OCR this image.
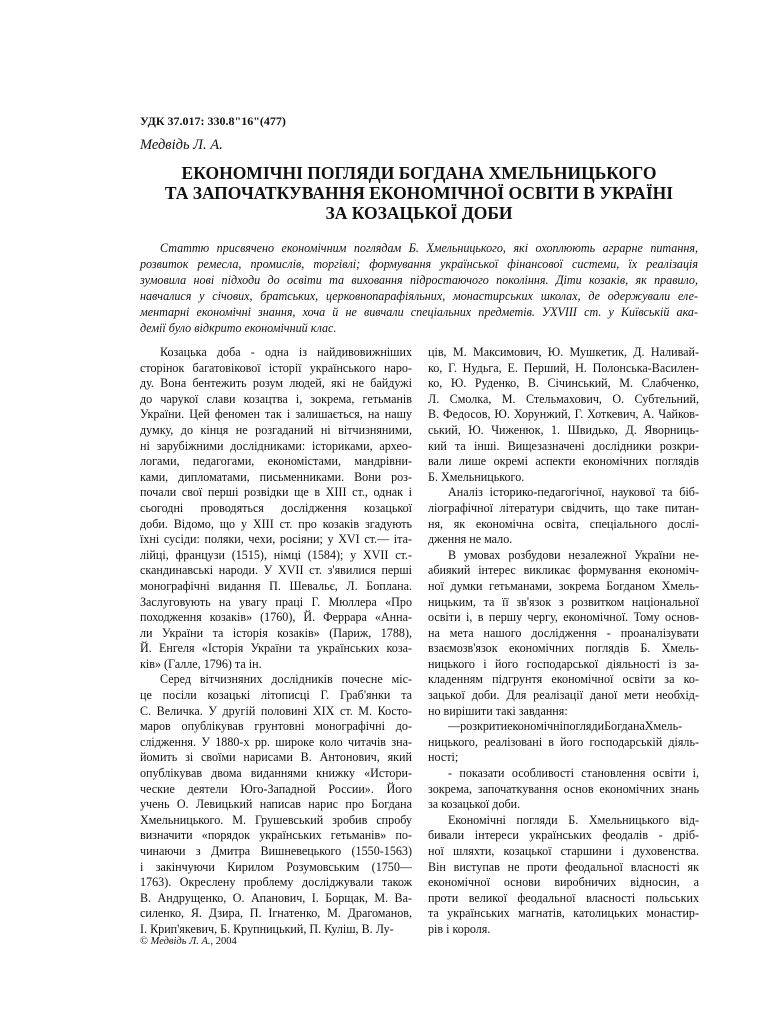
УДК 37.017: 330.8"16"(477)
Медвідь Л. А.
ЕКОНОМІЧНІ ПОГЛЯДИ БОГДАНА ХМЕЛЬНИЦЬКОГО
ТА ЗАПОЧАТКУВАННЯ ЕКОНОМІЧНОЇ ОСВІТИ В УКРАЇНІ
ЗА КОЗАЦЬКОЇ ДОБИ
Статтю присвячено економічним поглядам Б. Хмельницького, які охоплюють аграрне питання,
розвиток ремесла, промислів, торгівлі; формування української фінансової системи, їх реалізація
зумовила нові підходи до освіти та виховання підростаючого покоління. Діти козаків, як правило,
навчалися у січових, братських, церковнопарафіяльних, монастирських школах, де одержували еле-
ментарні економічні знання, хоча й не вивчали спеціальних предметів. УXVIII ст. у Київській ака-
демії було відкрито економічний клас.
Козацька доба - одна із найдивовижніших
сторінок багатовікової історії українського наро-
ду. Вона бентежить розум людей, які не байдужі
до чарукої слави козацтва і, зокрема, гетьманів
України. Цей феномен так і залишається, на нашу
думку, до кінця не розгаданий ні вітчизняними,
ні зарубіжними дослідниками: істориками, архео-
логами, педагогами, економістами, мандрівни-
ками, дипломатами, письменниками. Вони роз-
почали свої перші розвідки ще в XIII ст., однак і
сьогодні проводяться дослідження козацької
доби. Відомо, що у XIII ст. про козаків згадують
їхні сусіди: поляки, чехи, росіяни; у XVI ст.— іта-
лійці, французи (1515), німці (1584); у XVII ст.-
скандинавські народи. У XVII ст. з'явилися перші
монографічні видання П. Шевальє, Л. Боплана.
Заслуговують на увагу праці Г. Мюллера «Про
походження козаків» (1760), Й. Феррара «Анна-
ли України та історія козаків» (Париж, 1788),
Й. Енгеля «Історія України та українських коза-
ків» (Галле, 1796) та ін.
Серед вітчизняних дослідників почесне міс-
це посіли козацькі літописці Г. Граб'янки та
С. Величка. У другій половині XIX ст. М. Косто-
маров опублікував грунтовні монографічні до-
слідження. У 1880-х рр. широке коло читачів зна-
йомить зі своїми нарисами В. Антонович, який
опублікував двома виданнями книжку «Истори-
ческие деятели Юго-Западной России». Його
учень О. Левицький написав нарис про Богдана
Хмельницького. М. Грушевський зробив спробу
визначити «порядок українських гетьманів» по-
чинаючи з Дмитра Вишневецького (1550-1563)
і закінчуючи Кирилом Розумовським (1750—
1763). Окреслену проблему досліджували також
В. Андрущенко, О. Апанович, І. Борщак, М. Ва-
силенко, Я. Дзира, П. Ігнатенко, М. Драгоманов,
І. Крип'якевич, Б. Крупницький, П. Куліш, В. Лу-
ців, М. Максимович, Ю. Мушкетик, Д. Наливай-
ко, Г. Нудьга, Е. Перший, Н. Полонська-Василен-
ко, Ю. Руденко, В. Січинський, М. Слабченко,
Л. Смолка, М. Стельмахович, О. Субтельний,
В. Федосов, Ю. Хорунжий, Г. Хоткевич, А. Чайков-
ський, Ю. Чиженюк, 1. Швидько, Д. Яворниць-
кий та інші. Вищезазначені дослідники розкри-
вали лише окремі аспекти економічних поглядів
Б. Хмельницького.
Аналіз історико-педагогічної, наукової та біб-
ліографічної літератури свідчить, що таке питан-
ня, як економічна освіта, спеціального дослі-
дження не мало.
В умовах розбудови незалежної України не-
абиякий інтерес викликає формування економіч-
ної думки гетьманами, зокрема Богданом Хмель-
ницьким, та її зв'язок з розвитком національної
освіти і, в першу чергу, економічної. Тому основ-
на мета нашого дослідження - проаналізувати
взаємозв'язок економічних поглядів Б. Хмель-
ницького і його господарської діяльності із за-
кладенням підгрунтя економічної освіти за ко-
зацької доби. Для реалізації даної мети необхід-
но вирішити такі завдання:
—розкритиекономічніпоглядиБогданаХмель-
ницького, реалізовані в його господарській діяль-
ності;
- показати особливості становлення освіти і,
зокрема, започаткування основ економічних знань
за козацької доби.
Економічні погляди Б. Хмельницького від-
бивали інтереси українських феодалів - дріб-
ної шляхти, козацької старшини і духовенства.
Він виступав не проти феодальної власності як
економічної основи виробничих відносин, а
проти великої феодальної власності польських
та українських магнатів, католицьких монастир-
рів і короля.
© Медвідь Л. А., 2004
